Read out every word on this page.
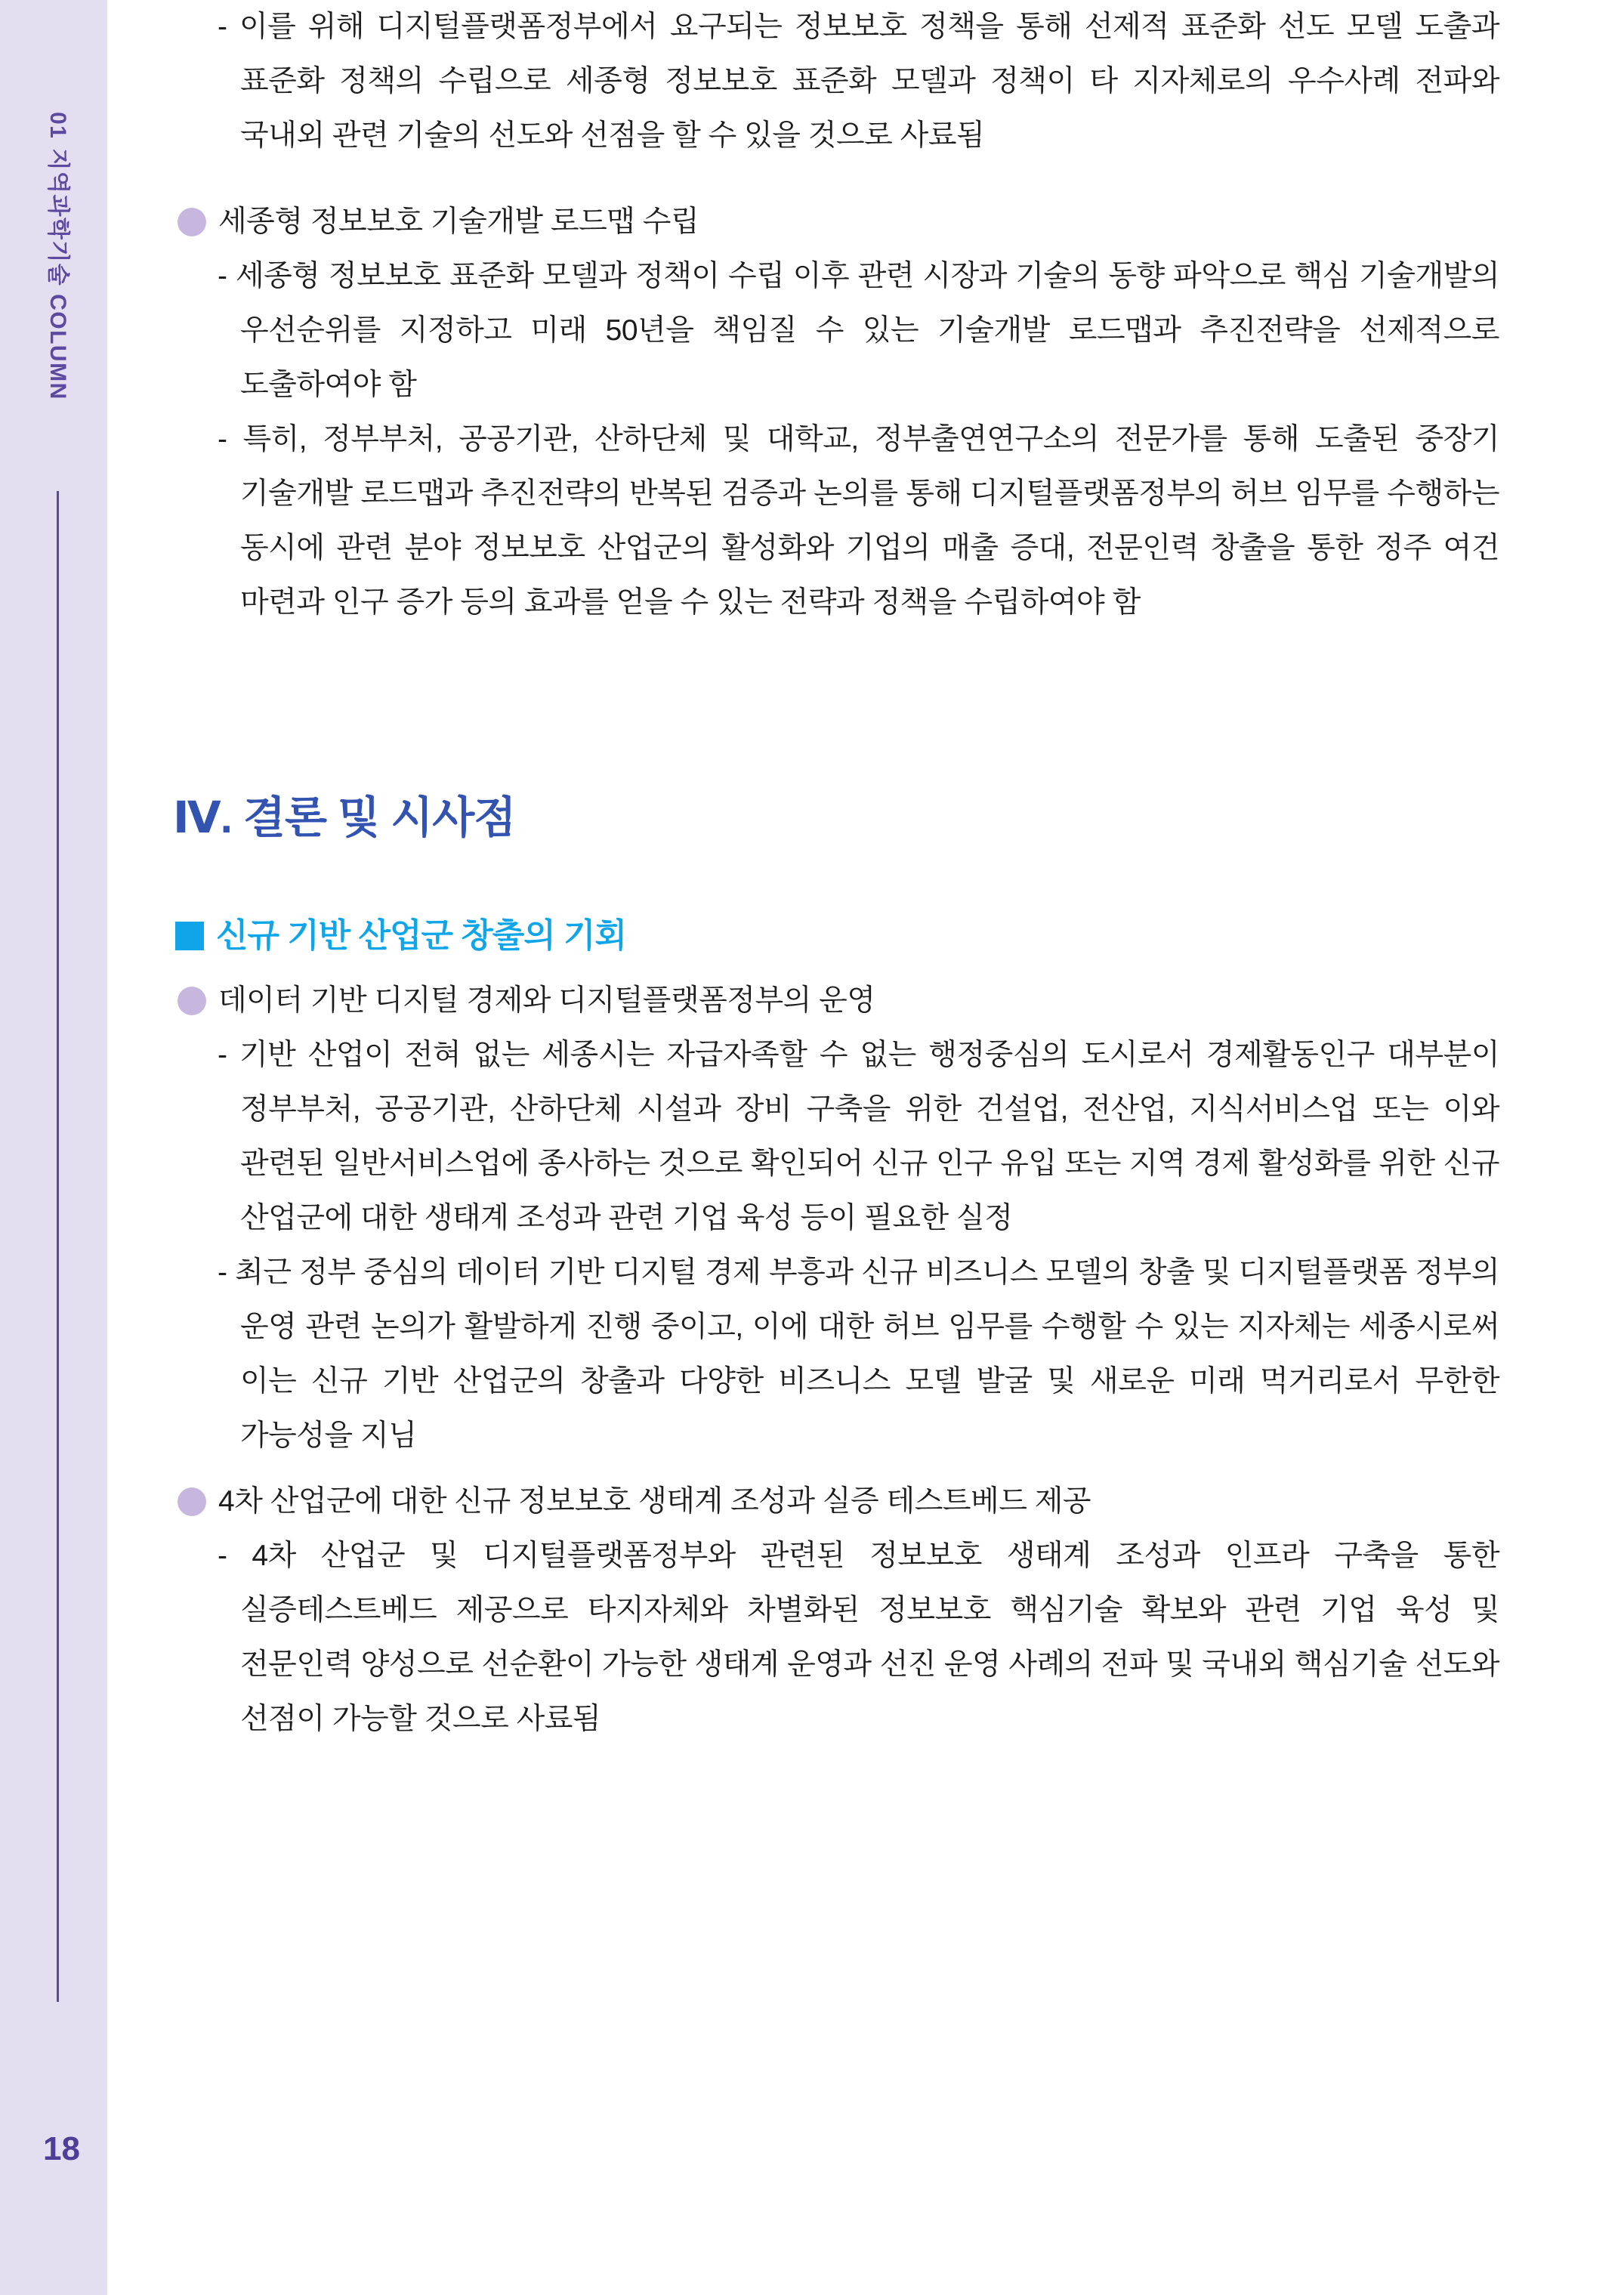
01지역과학기술 COLUMN
18

- 이를 위해 디지털플랫폼정부에서 요구되는 정보보호 정책을 통해 선제적 표준화 선도 모델 도출과 표준화 정책의 수립으로 세종형 정보보호 표준화 모델과 정책이 타 지자체로의 우수사례 전파와 국내외 관련 기술의 선도와 선점을 할 수 있을 것으로 사료됨

세종형 정보보호 기술개발 로드맵 수립

- 세종형 정보보호 표준화 모델과 정책이 수립 이후 관련 시장과 기술의 동향 파악으로 핵심 기술개발의 우선순위를 지정하고 미래 50년을 책임질 수 있는 기술개발 로드맵과 추진전략을 선제적으로 도출하여야 함

- 특히, 정부부처, 공공기관, 산하단체 및 대학교, 정부출연연구소의 전문가를 통해 도출된 중장기 기술개발 로드맵과 추진전략의 반복된 검증과 논의를 통해 디지털플랫폼정부의 허브 임무를 수행하는 동시에 관련 분야 정보보호 산업군의 활성화와 기업의 매출 증대, 전문인력 창출을 통한 정주 여건 마련과 인구 증가 등의 효과를 얻을 수 있는 전략과 정책을 수립하여야 함

Ⅳ. 결론 및 시사점
신규 기반 산업군 창출의 기회
데이터 기반 디지털 경제와 디지털플랫폼정부의 운영

- 기반 산업이 전혀 없는 세종시는 자급자족할 수 없는 행정중심의 도시로서 경제활동인구 대부분이 정부부처, 공공기관, 산하단체 시설과 장비 구축을 위한 건설업, 전산업, 지식서비스업 또는 이와 관련된 일반서비스업에 종사하는 것으로 확인되어 신규 인구 유입 또는 지역 경제 활성화를 위한 신규 산업군에 대한 생태계 조성과 관련 기업 육성 등이 필요한 실정

- 최근 정부 중심의 데이터 기반 디지털 경제 부흥과 신규 비즈니스 모델의 창출 및 디지털플랫폼 정부의 운영 관련 논의가 활발하게 진행 중이고, 이에 대한 허브 임무를 수행할 수 있는 지자체는 세종시로써 이는 신규 기반 산업군의 창출과 다양한 비즈니스 모델 발굴 및 새로운 미래 먹거리로서 무한한 가능성을 지님

4차 산업군에 대한 신규 정보보호 생태계 조성과 실증 테스트베드 제공

- 4차 산업군 및 디지털플랫폼정부와 관련된 정보보호 생태계 조성과 인프라 구축을 통한 실증테스트베드 제공으로 타지자체와 차별화된 정보보호 핵심기술 확보와 관련 기업 육성 및 전문인력 양성으로 선순환이 가능한 생태계 운영과 선진 운영 사례의 전파 및 국내외 핵심기술 선도와 선점이 가능할 것으로 사료됨
